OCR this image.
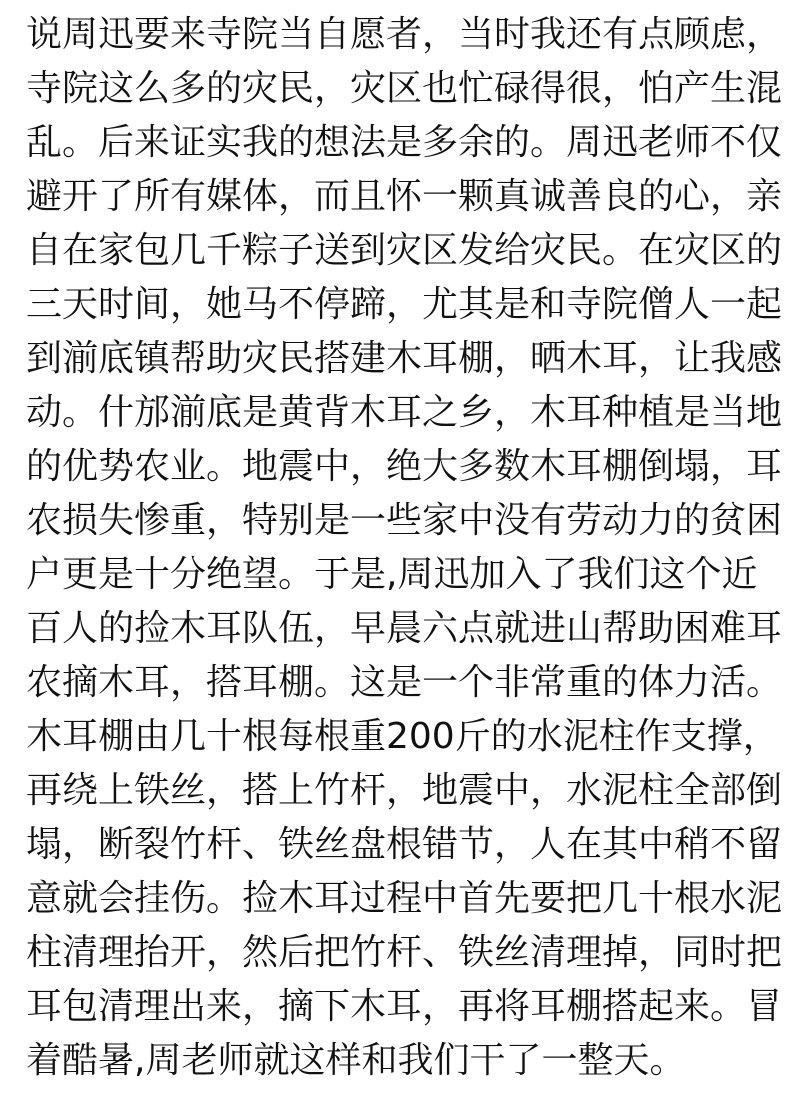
说周迅要来寺院当自愿者，当时我还有点顾虑，
寺院这么多的灾民，灾区也忙碌得很，怕产生混
乱。后来证实我的想法是多余的。周迅老师不仅
避开了所有媒体，而且怀一颗真诚善良的心，亲
自在家包几千粽子送到灾区发给灾民。在灾区的
三天时间，她马不停蹄，尤其是和寺院僧人一起
到湔底镇帮助灾民搭建木耳棚，晒木耳，让我感
动。什邡湔底是黄背木耳之乡，木耳种植是当地
的优势农业。地震中，绝大多数木耳棚倒塌，耳
农损失惨重，特别是一些家中没有劳动力的贫困
户更是十分绝望。于是,周迅加入了我们这个近
百人的捡木耳队伍，早晨六点就进山帮助困难耳
农摘木耳，搭耳棚。这是一个非常重的体力活。
木耳棚由几十根每根重200斤的水泥柱作支撑，
再绕上铁丝，搭上竹杆，地震中，水泥柱全部倒
塌，断裂竹杆、铁丝盘根错节，人在其中稍不留
意就会挂伤。捡木耳过程中首先要把几十根水泥
柱清理抬开，然后把竹杆、铁丝清理掉，同时把
耳包清理出来，摘下木耳，再将耳棚搭起来。冒
着酷暑,周老师就这样和我们干了一整天。
